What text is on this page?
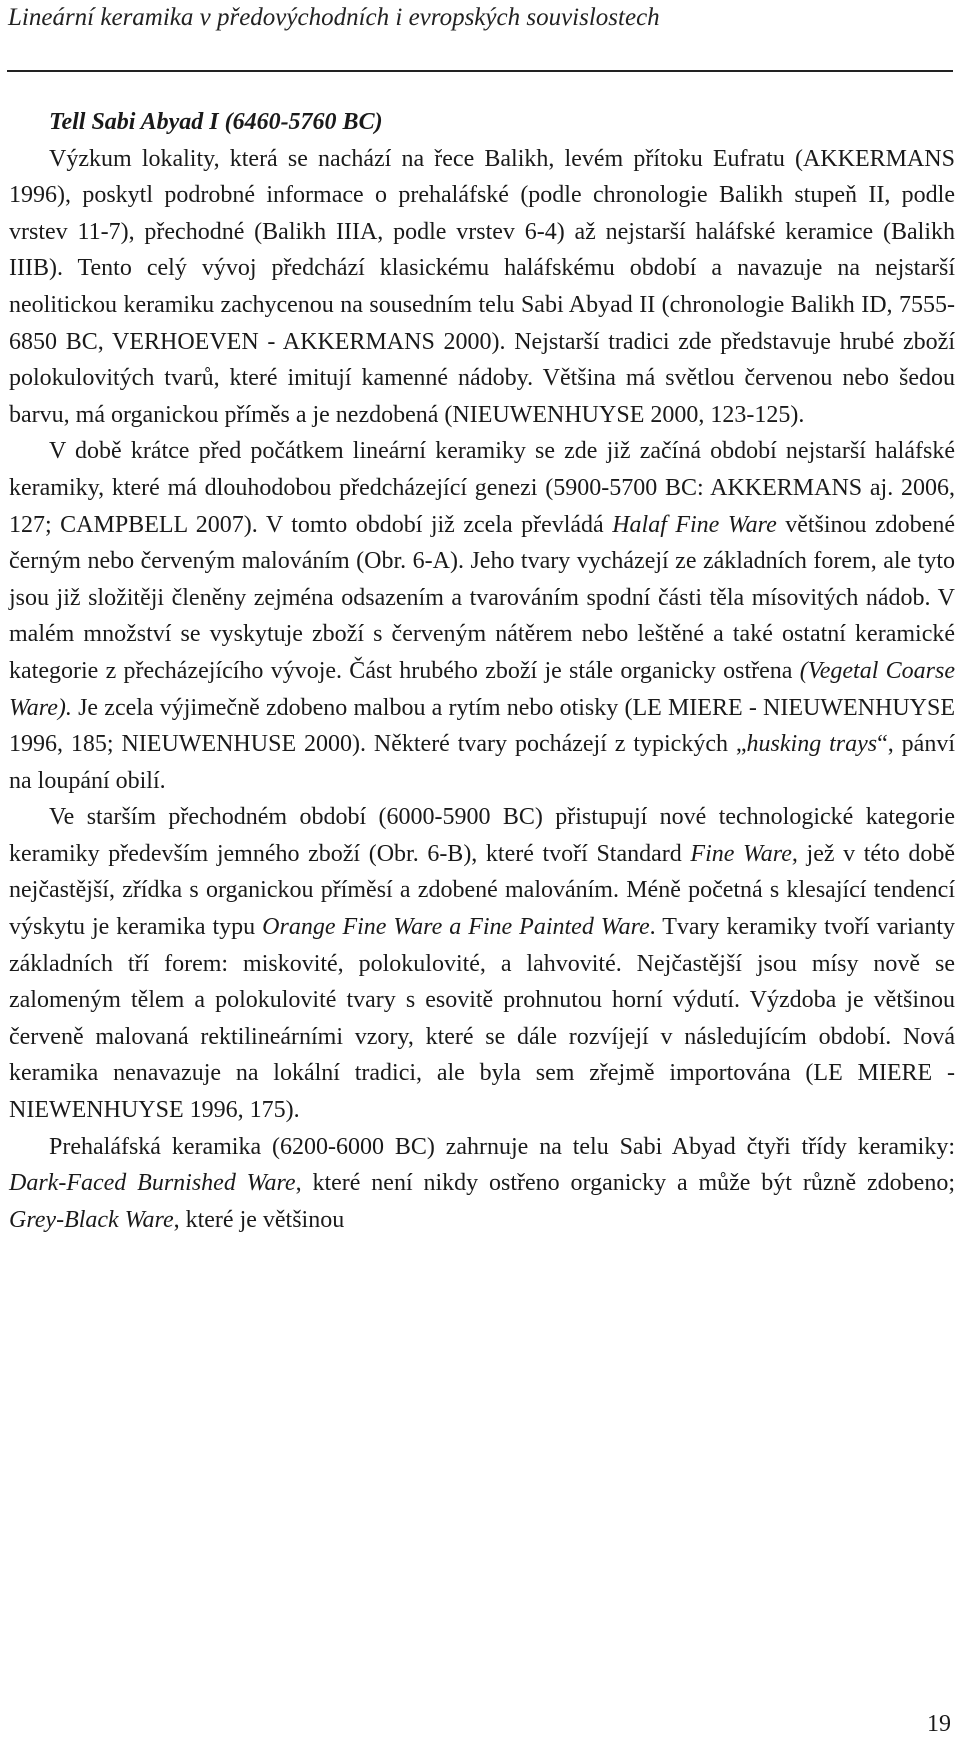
Lineární keramika v předovýchodních i evropských souvislostech
Tell Sabi Abyad I (6460-5760 BC)

Výzkum lokality, která se nachází na řece Balikh, levém přítoku Eufratu (AKKERMANS 1996), poskytl podrobné informace o prehaláfské (podle chronologie Balikh stupeň II, podle vrstev 11-7), přechodné (Balikh IIIA, podle vrstev 6-4) až nejstarší haláfské keramice (Balikh IIIB). Tento celý vývoj předchází klasickému haláfskému období a navazuje na nejstarší neolitickou keramiku zachycenou na sousedním telu Sabi Abyad II (chronologie Balikh ID, 7555-6850 BC, VERHOEVEN - AKKERMANS 2000). Nejstarší tradici zde představuje hrubé zboží polokulovitých tvarů, které imitují kamenné nádoby. Většina má světlou červenou nebo šedou barvu, má organickou příměs a je nezdobená (NIEUWENHUYSE 2000, 123-125).

V době krátce před počátkem lineární keramiky se zde již začíná období nejstarší haláfské keramiky, které má dlouhodobou předcházející genezi (5900-5700 BC: AKKERMANS aj. 2006, 127; CAMPBELL 2007). V tomto období již zcela převládá Halaf Fine Ware většinou zdobené černým nebo červeným malováním (Obr. 6-A). Jeho tvary vycházejí ze základních forem, ale tyto jsou již složitěji členěny zejména odsazením a tvarováním spodní části těla mísovitých nádob. V malém množství se vyskytuje zboží s červeným nátěrem nebo leštěné a také ostatní keramické kategorie z přecházejícího vývoje. Část hrubého zboží je stále organicky ostřena (Vegetal Coarse Ware). Je zcela výjimečně zdobeno malbou a rytím nebo otisky (LE MIERE - NIEUWENHUYSE 1996, 185; NIEUWENHUSE 2000). Některé tvary pocházejí z typických „husking trays“, pánví na loupání obilí.

Ve starším přechodném období (6000-5900 BC) přistupují nové technologické kategorie keramiky především jemného zboží (Obr. 6-B), které tvoří Standard Fine Ware, jež v této době nejčastější, zřídka s organickou příměsí a zdobené malováním. Méně početná s klesající tendencí výskytu je keramika typu Orange Fine Ware a Fine Painted Ware. Tvary keramiky tvoří varianty základních tří forem: miskovité, polokulovité, a lahvovité. Nejčastější jsou mísy nově se zalomeným tělem a polokulovité tvary s esovitě prohnutou horní výdutí. Výzdoba je většinou červeně malovaná rektilineárními vzory, které se dále rozvíjejí v následujícím období. Nová keramika nenavazuje na lokální tradici, ale byla sem zřejmě importována (LE MIERE - NIEWENHUYSE 1996, 175).

Prehaláfská keramika (6200-6000 BC) zahrnuje na telu Sabi Abyad čtyři třídy keramiky: Dark-Faced Burnished Ware, které není nikdy ostřeno organicky a může být různě zdobeno; Grey-Black Ware, které je většinou

19
